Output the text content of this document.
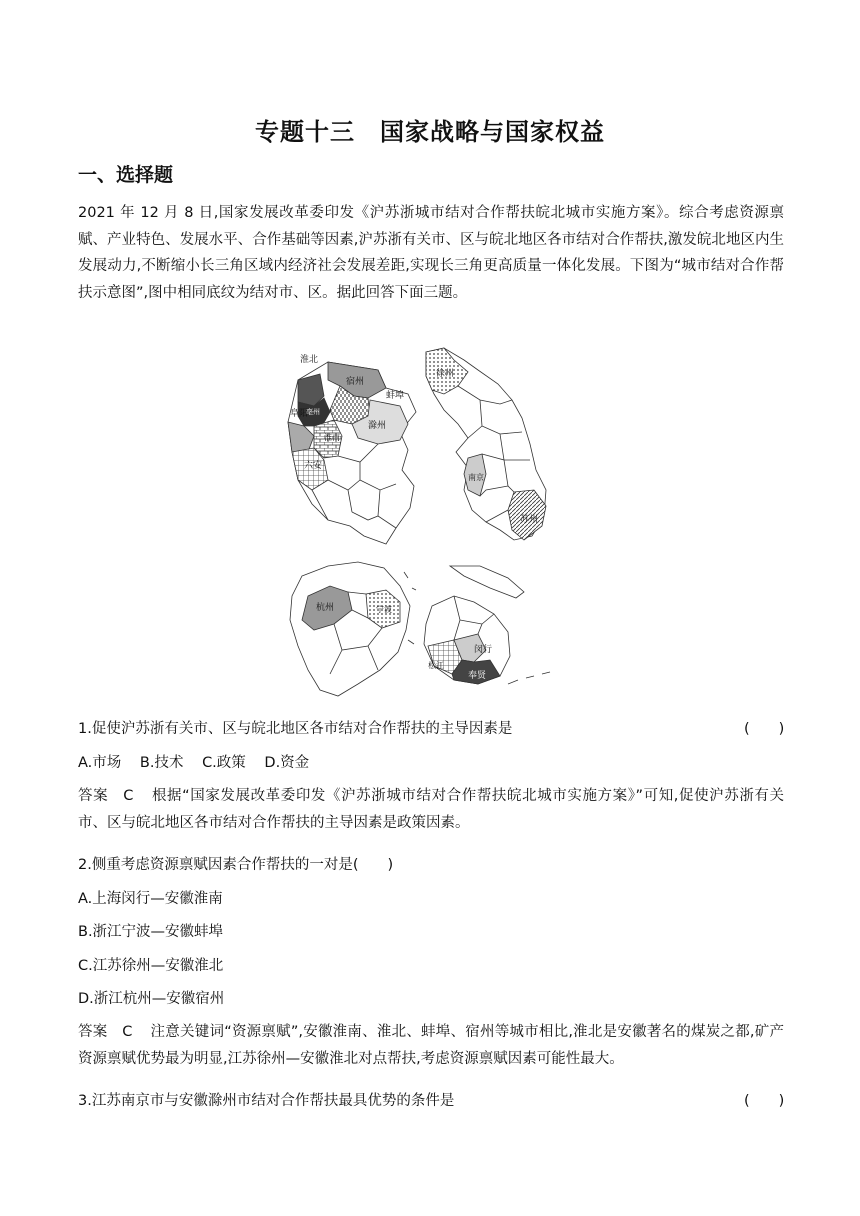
专题十三　国家战略与国家权益
一、选择题
2021 年 12 月 8 日,国家发展改革委印发《沪苏浙城市结对合作帮扶皖北城市实施方案》。综合考虑资源禀赋、产业特色、发展水平、合作基础等因素,沪苏浙有关市、区与皖北地区各市结对合作帮扶,激发皖北地区内生发展动力,不断缩小长三角区域内经济社会发展差距,实现长三角更高质量一体化发展。下图为“城市结对合作帮扶示意图”,图中相同底纹为结对市、区。据此回答下面三题。
淮北
宿州
蚌埠
阜阳
亳州
淮南
滁州
六安
徐州
南京
苏州
杭州	宁波
闵行
松江
奉贤
1.促使沪苏浙有关市、区与皖北地区各市结对合作帮扶的主导因素是	(　　)
A.市场 B.技术 C.政策 D.资金
答案　C 根据“国家发展改革委印发《沪苏浙城市结对合作帮扶皖北城市实施方案》”可知,促使沪苏浙有关市、区与皖北地区各市结对合作帮扶的主导因素是政策因素。
2.侧重考虑资源禀赋因素合作帮扶的一对是(　　)
A.上海闵行—安徽淮南
B.浙江宁波—安徽蚌埠
C.江苏徐州—安徽淮北
D.浙江杭州—安徽宿州
答案　C 注意关键词“资源禀赋”,安徽淮南、淮北、蚌埠、宿州等城市相比,淮北是安徽著名的煤炭之都,矿产资源禀赋优势最为明显,江苏徐州—安徽淮北对点帮扶,考虑资源禀赋因素可能性最大。
3.江苏南京市与安徽滁州市结对合作帮扶最具优势的条件是	(　　)
